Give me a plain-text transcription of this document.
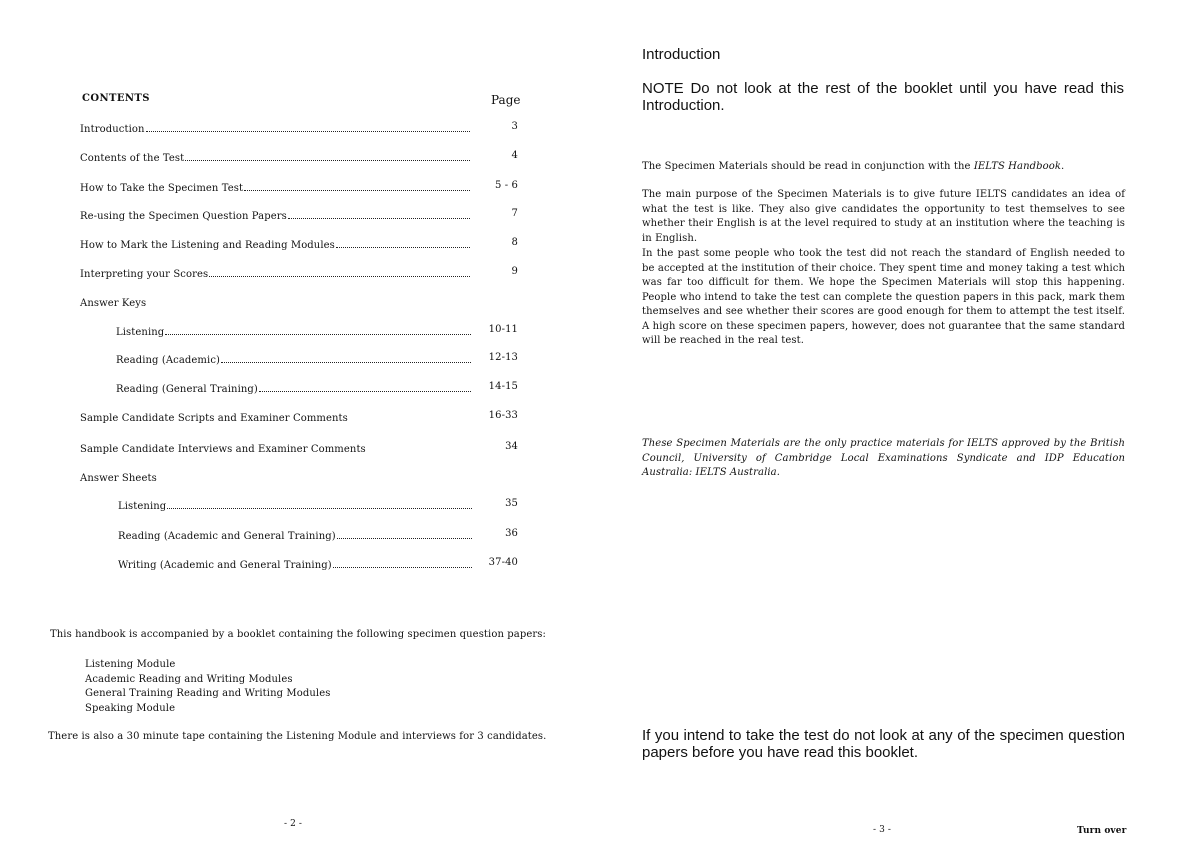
CONTENTS	Page
Introduction	3
Contents of the Test	4
How to Take the Specimen Test	5 - 6
Re-using the Specimen Question Papers	7
How to Mark the Listening and Reading Modules	8
Interpreting your Scores	9
Answer Keys
Listening	10-11
Reading (Academic)	12-13
Reading (General Training)	14-15
Sample Candidate Scripts and Examiner Comments	16-33
Sample Candidate Interviews and Examiner Comments	34
Answer Sheets
Listening	35
Reading (Academic and General Training)	36
Writing (Academic and General Training)	37-40
This handbook is accompanied by a booklet containing the following specimen question papers:
Listening Module
Academic Reading and Writing Modules
General Training Reading and Writing Modules
Speaking Module
There is also a 30 minute tape containing the Listening Module and interviews for 3 candidates.
- 2 -
Introduction
NOTE Do not look at the rest of the booklet until you have read this Introduction.
The Specimen Materials should be read in conjunction with the IELTS Handbook.
The main purpose of the Specimen Materials is to give future IELTS candidates an idea of what the test is like. They also give candidates the opportunity to test themselves to see whether their English is at the level required to study at an institution where the teaching is in English.
In the past some people who took the test did not reach the standard of English needed to be accepted at the institution of their choice. They spent time and money taking a test which was far too difficult for them. We hope the Specimen Materials will stop this happening. People who intend to take the test can complete the question papers in this pack, mark them themselves and see whether their scores are good enough for them to attempt the test itself. A high score on these specimen papers, however, does not guarantee that the same standard will be reached in the real test.
These Specimen Materials are the only practice materials for IELTS approved by the British Council, University of Cambridge Local Examinations Syndicate and IDP Education Australia: IELTS Australia.
If you intend to take the test do not look at any of the specimen question papers before you have read this booklet.
- 3 -	Turn over
